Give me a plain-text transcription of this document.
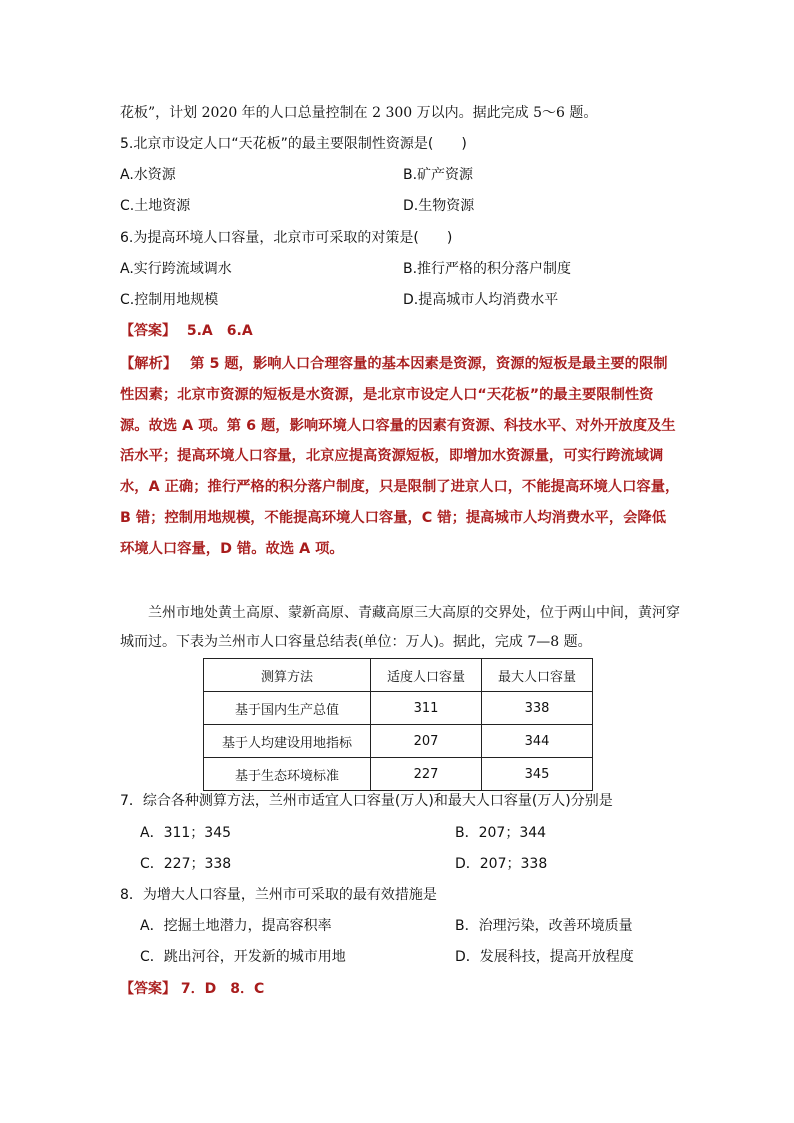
花板”，计划 2020 年的人口总量控制在 2 300 万以内。据此完成 5～6 题。
5.北京市设定人口“天花板”的最主要限制性资源是(　　)
A.水资源	B.矿产资源
C.土地资源	D.生物资源
6.为提高环境人口容量，北京市可采取的对策是(　　)
A.实行跨流域调水	B.推行严格的积分落户制度
C.控制用地规模	D.提高城市人均消费水平
【答案】 5.A　6.A
【解析】 第 5 题，影响人口合理容量的基本因素是资源，资源的短板是最主要的限制性因素；北京市资源的短板是水资源，是北京市设定人口“天花板”的最主要限制性资源。故选 A 项。第 6 题，影响环境人口容量的因素有资源、科技水平、对外开放度及生活水平；提高环境人口容量，北京应提高资源短板，即增加水资源量，可实行跨流域调水，A 正确；推行严格的积分落户制度，只是限制了进京人口，不能提高环境人口容量，B 错；控制用地规模，不能提高环境人口容量，C 错；提高城市人均消费水平，会降低环境人口容量，D 错。故选 A 项。
兰州市地处黄土高原、蒙新高原、青藏高原三大高原的交界处，位于两山中间，黄河穿
城而过。下表为兰州市人口容量总结表(单位：万人)。据此，完成 7—8 题。
测算方法	适度人口容量	最大人口容量
基于国内生产总值	311	338
基于人均建设用地指标	207	344
基于生态环境标准	227	345
7．综合各种测算方法，兰州市适宜人口容量(万人)和最大人口容量(万人)分别是
A．311；345	B．207；344
C．227；338	D．207；338
8．为增大人口容量，兰州市可采取的最有效措施是
A．挖掘土地潜力，提高容积率	B．治理污染，改善环境质量
C．跳出河谷，开发新的城市用地	D．发展科技，提高开放程度
【答案】 7．D　8．C
